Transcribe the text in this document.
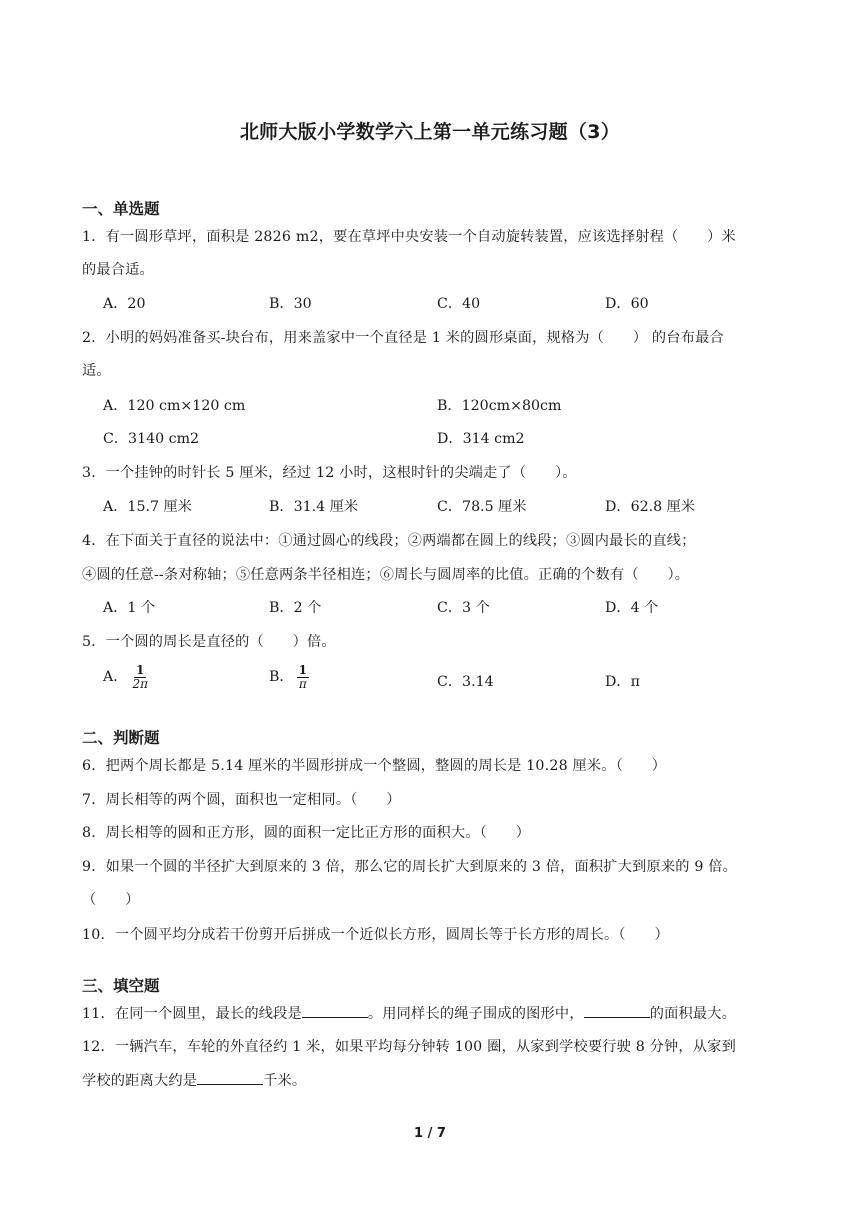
北师大版小学数学六上第一单元练习题（3）
一、单选题
1．有一圆形草坪，面积是 2826 m2，要在草坪中央安装一个自动旋转装置，应该选择射程（　　）米
的最合适。
A．20	B．30	C．40	D．60
2．小明的妈妈准备买-块台布，用来盖家中一个直径是 1 米的圆形桌面，规格为（　　） 的台布最合
适。
A．120 cm×120 cm	B．120cm×80cm
C．3140 cm2	D．314 cm2
3．一个挂钟的时针长 5 厘米，经过 12 小时，这根时针的尖端走了（　　）。
A．15.7 厘米	B．31.4 厘米	C．78.5 厘米	D．62.8 厘米
4．在下面关于直径的说法中：①通过圆心的线段；②两端都在圆上的线段；③圆内最长的直线；
④圆的任意--条对称轴；⑤任意两条半径相连；⑥周长与圆周率的比值。正确的个数有（　　）。
A．1 个	B．2 个	C．3 个	D．4 个
5．一个圆的周长是直径的（　　）倍。
A． $\frac{1}{2\pi}$	B． $\frac{1}{\pi}$	C．3.14	D．π
二、判断题
6．把两个周长都是 5.14 厘米的半圆形拼成一个整圆，整圆的周长是 10.28 厘米。（　　）
7．周长相等的两个圆，面积也一定相同。（　　）
8．周长相等的圆和正方形，圆的面积一定比正方形的面积大。（　　）
9．如果一个圆的半径扩大到原来的 3 倍，那么它的周长扩大到原来的 3 倍，面积扩大到原来的 9 倍。
（　　）
10．一个圆平均分成若干份剪开后拼成一个近似长方形，圆周长等于长方形的周长。（　　）
三、填空题
11．在同一个圆里，最长的线段是	。用同样长的绳子围成的图形中，	的面积最大。
12．一辆汽车，车轮的外直径约 1 米，如果平均每分钟转 100 圈，从家到学校要行驶 8 分钟，从家到
学校的距离大约是	千米。
1 / 7
